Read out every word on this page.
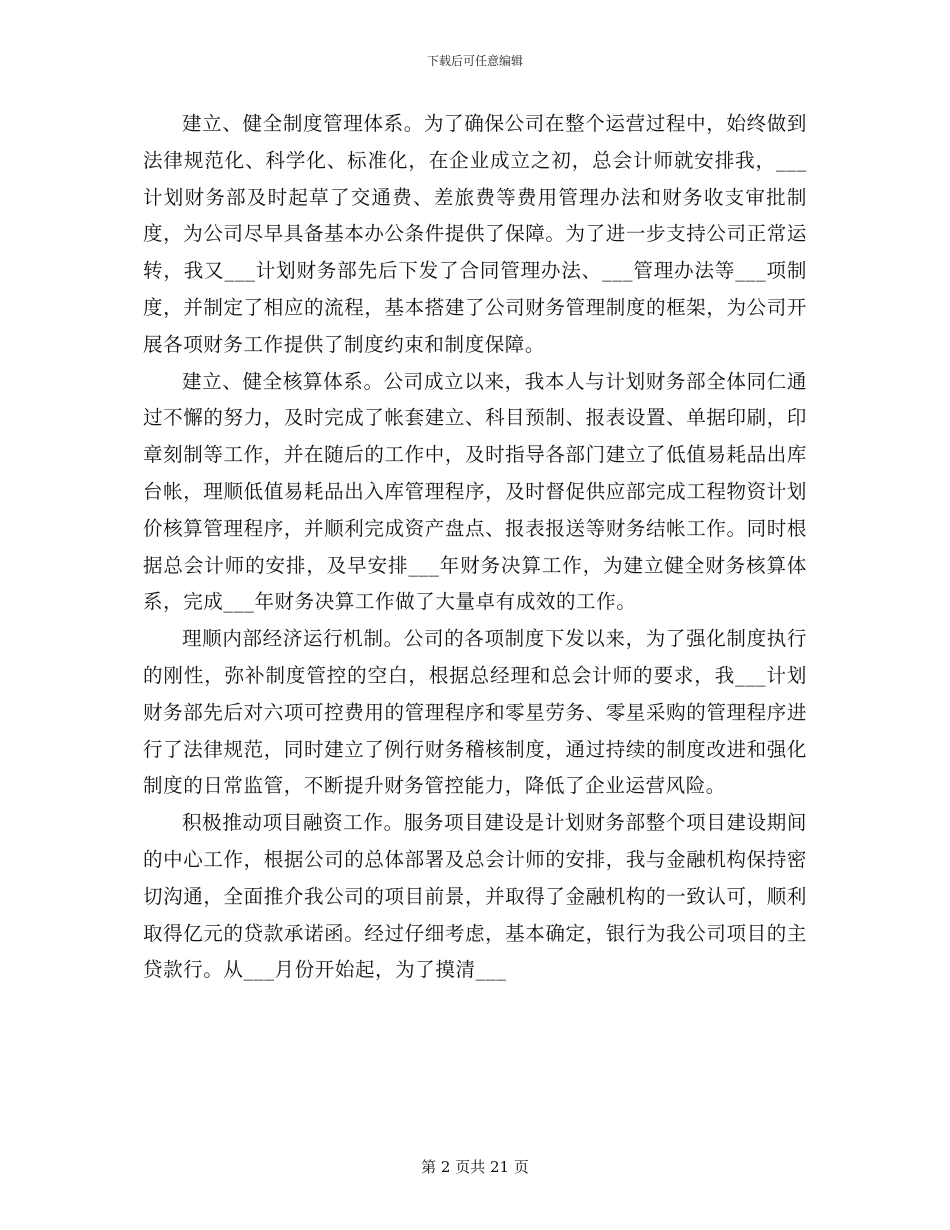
下载后可任意编辑

建立、健全制度管理体系。为了确保公司在整个运营过程中，始终做到法律规范化、科学化、标准化，在企业成立之初，总会计师就安排我，___计划财务部及时起草了交通费、差旅费等费用管理办法和财务收支审批制度，为公司尽早具备基本办公条件提供了保障。为了进一步支持公司正常运转，我又___计划财务部先后下发了合同管理办法、___管理办法等___项制度，并制定了相应的流程，基本搭建了公司财务管理制度的框架，为公司开展各项财务工作提供了制度约束和制度保障。

建立、健全核算体系。公司成立以来，我本人与计划财务部全体同仁通过不懈的努力，及时完成了帐套建立、科目预制、报表设置、单据印刷，印章刻制等工作，并在随后的工作中，及时指导各部门建立了低值易耗品出库台帐，理顺低值易耗品出入库管理程序，及时督促供应部完成工程物资计划价核算管理程序，并顺利完成资产盘点、报表报送等财务结帐工作。同时根据总会计师的安排，及早安排___年财务决算工作，为建立健全财务核算体系，完成___年财务决算工作做了大量卓有成效的工作。

理顺内部经济运行机制。公司的各项制度下发以来，为了强化制度执行的刚性，弥补制度管控的空白，根据总经理和总会计师的要求，我___计划财务部先后对六项可控费用的管理程序和零星劳务、零星采购的管理程序进行了法律规范，同时建立了例行财务稽核制度，通过持续的制度改进和强化制度的日常监管，不断提升财务管控能力，降低了企业运营风险。

积极推动项目融资工作。服务项目建设是计划财务部整个项目建设期间的中心工作，根据公司的总体部署及总会计师的安排，我与金融机构保持密切沟通，全面推介我公司的项目前景，并取得了金融机构的一致认可，顺利取得亿元的贷款承诺函。经过仔细考虑，基本确定，银行为我公司项目的主贷款行。从___月份开始起，为了摸清___

第 2 页共 21 页
